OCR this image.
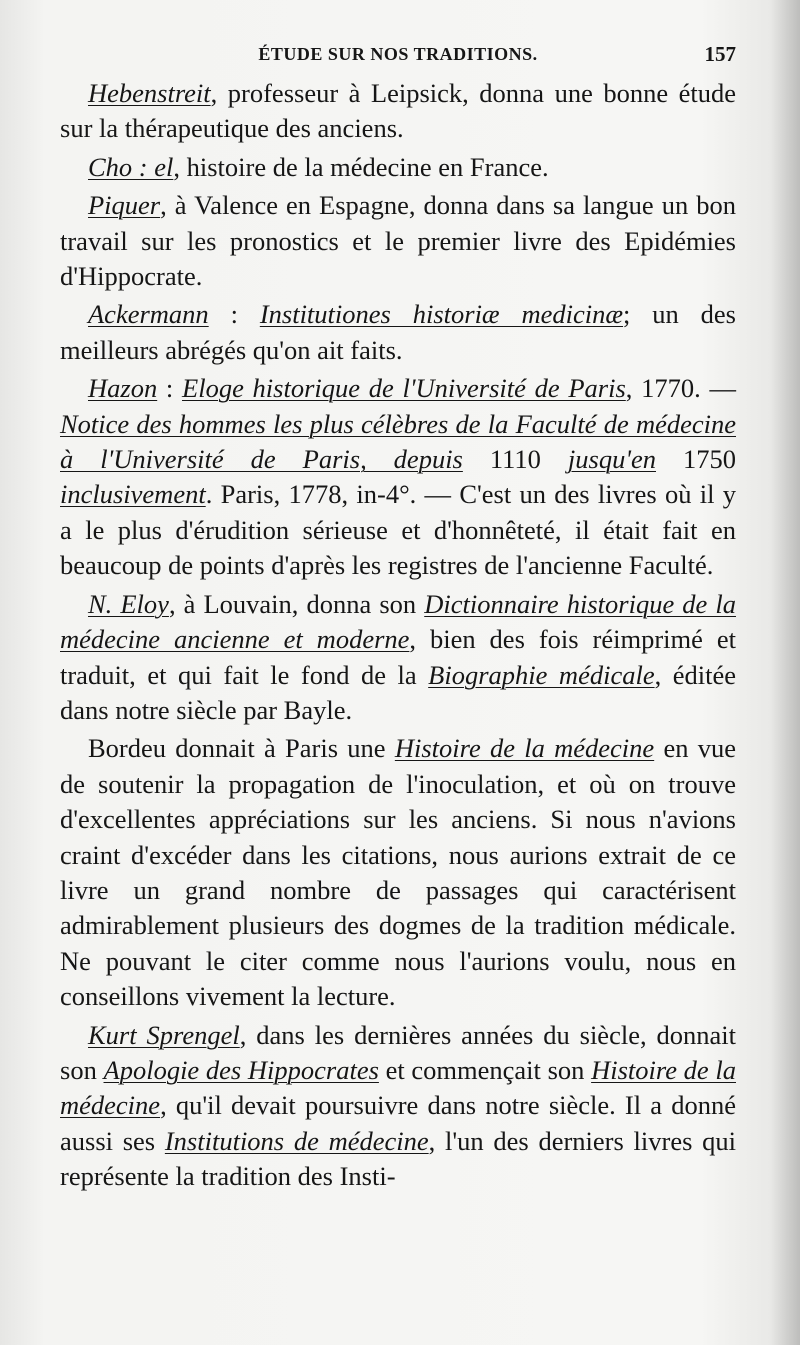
ÉTUDE SUR NOS TRADITIONS.	157

Hebenstreit, professeur à Leipsick, donna une bonne étude sur la thérapeutique des anciens.

Cho : el, histoire de la médecine en France.

Piquer, à Valence en Espagne, donna dans sa langue un bon travail sur les pronostics et le premier livre des Epidémies d'Hippocrate.

Ackermann : Institutiones historiæ medicinæ; un des meilleurs abrégés qu'on ait faits.

Hazon : Eloge historique de l'Université de Paris, 1770. — Notice des hommes les plus célèbres de la Faculté de médecine à l'Université de Paris, depuis 1110 jusqu'en 1750 inclusivement. Paris, 1778, in-4°. — C'est un des livres où il y a le plus d'érudition sérieuse et d'honnêteté, il était fait en beaucoup de points d'après les registres de l'ancienne Faculté.

N. Eloy, à Louvain, donna son Dictionnaire historique de la médecine ancienne et moderne, bien des fois réimprimé et traduit, et qui fait le fond de la Biographie médicale, éditée dans notre siècle par Bayle.

Bordeu donnait à Paris une Histoire de la médecine en vue de soutenir la propagation de l'inoculation, et où on trouve d'excellentes appréciations sur les anciens. Si nous n'avions craint d'excéder dans les citations, nous aurions extrait de ce livre un grand nombre de passages qui caractérisent admirablement plusieurs des dogmes de la tradition médicale. Ne pouvant le citer comme nous l'aurions voulu, nous en conseillons vivement la lecture.

Kurt Sprengel, dans les dernières années du siècle, donnait son Apologie des Hippocrates et commençait son Histoire de la médecine, qu'il devait poursuivre dans notre siècle. Il a donné aussi ses Institutions de médecine, l'un des derniers livres qui représente la tradition des Insti-
